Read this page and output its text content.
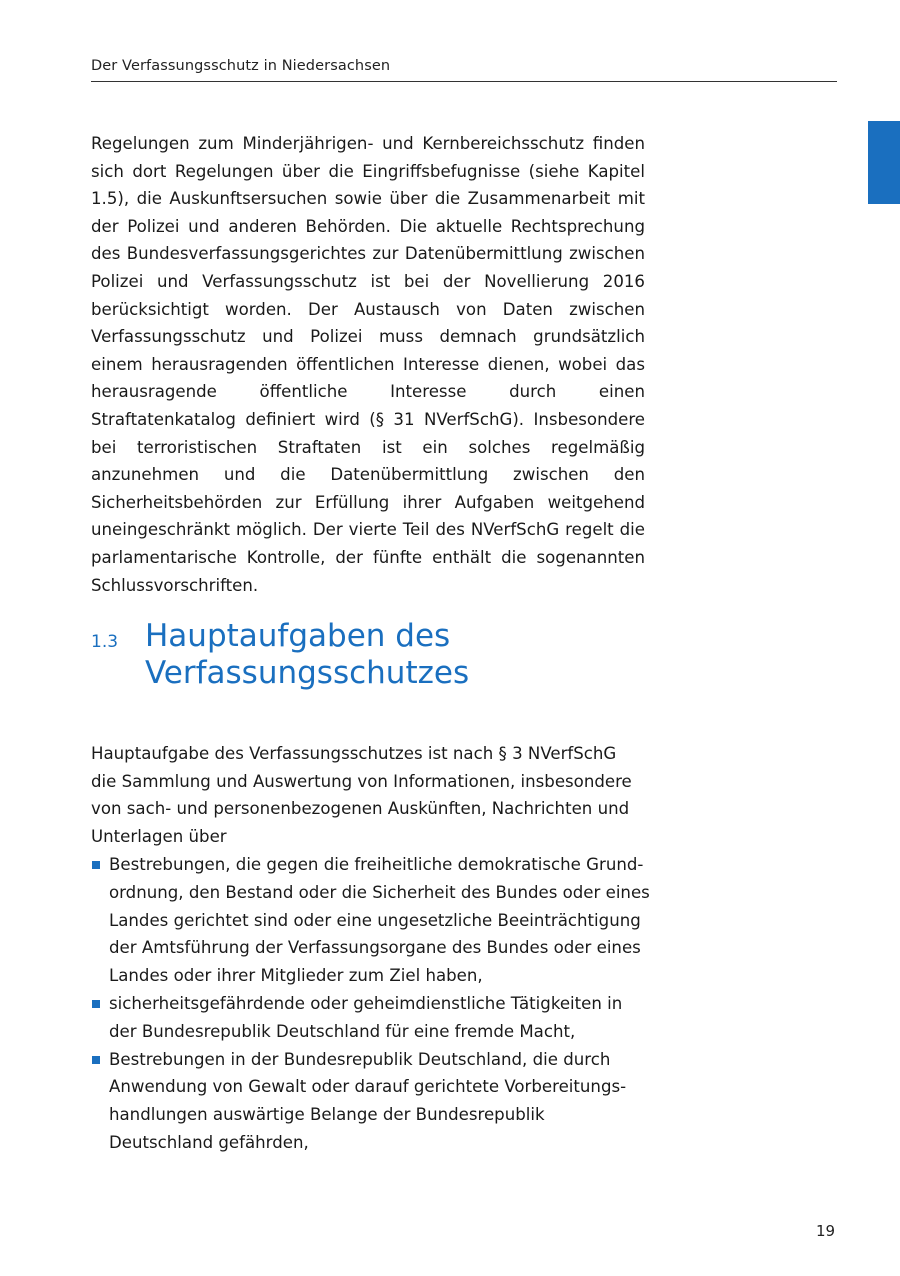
Der Verfassungsschutz in Niedersachsen

Regelungen zum Minderjährigen- und Kernbereichsschutz finden sich dort Regelungen über die Eingriffsbefugnisse (siehe Kapitel 1.5), die Auskunftsersuchen sowie über die Zusammenarbeit mit der Polizei und anderen Behörden. Die aktuelle Rechtsprechung des Bundesverfassungsgerichtes zur Datenübermittlung zwischen Polizei und Verfassungsschutz ist bei der Novellierung 2016 berücksichtigt worden. Der Austausch von Daten zwischen Verfassungsschutz und Polizei muss demnach grundsätzlich einem herausragenden öffentlichen Interesse dienen, wobei das herausragende öffentliche Interesse durch einen Straftatenkatalog definiert wird (§ 31 NVerfSchG). Insbesondere bei terroristischen Straftaten ist ein solches regelmäßig anzunehmen und die Datenübermittlung zwischen den Sicherheitsbehörden zur Erfüllung ihrer Aufgaben weitgehend uneingeschränkt möglich. Der vierte Teil des NVerfSchG regelt die parlamentarische Kontrolle, der fünfte enthält die sogenannten Schlussvorschriften.

1.3 Hauptaufgaben des Verfassungsschutzes

Hauptaufgabe des Verfassungsschutzes ist nach § 3 NVerfSchG die Sammlung und Auswertung von Informationen, insbesondere von sach- und personenbezogenen Auskünften, Nachrichten und Unterlagen über

Bestrebungen, die gegen die freiheitliche demokratische Grundordnung, den Bestand oder die Sicherheit des Bundes oder eines Landes gerichtet sind oder eine ungesetzliche Beeinträchtigung der Amtsführung der Verfassungsorgane des Bundes oder eines Landes oder ihrer Mitglieder zum Ziel haben,
sicherheitsgefährdende oder geheimdienstliche Tätigkeiten in der Bundesrepublik Deutschland für eine fremde Macht,
Bestrebungen in der Bundesrepublik Deutschland, die durch Anwendung von Gewalt oder darauf gerichtete Vorbereitungshandlungen auswärtige Belange der Bundesrepublik Deutschland gefährden,
19
